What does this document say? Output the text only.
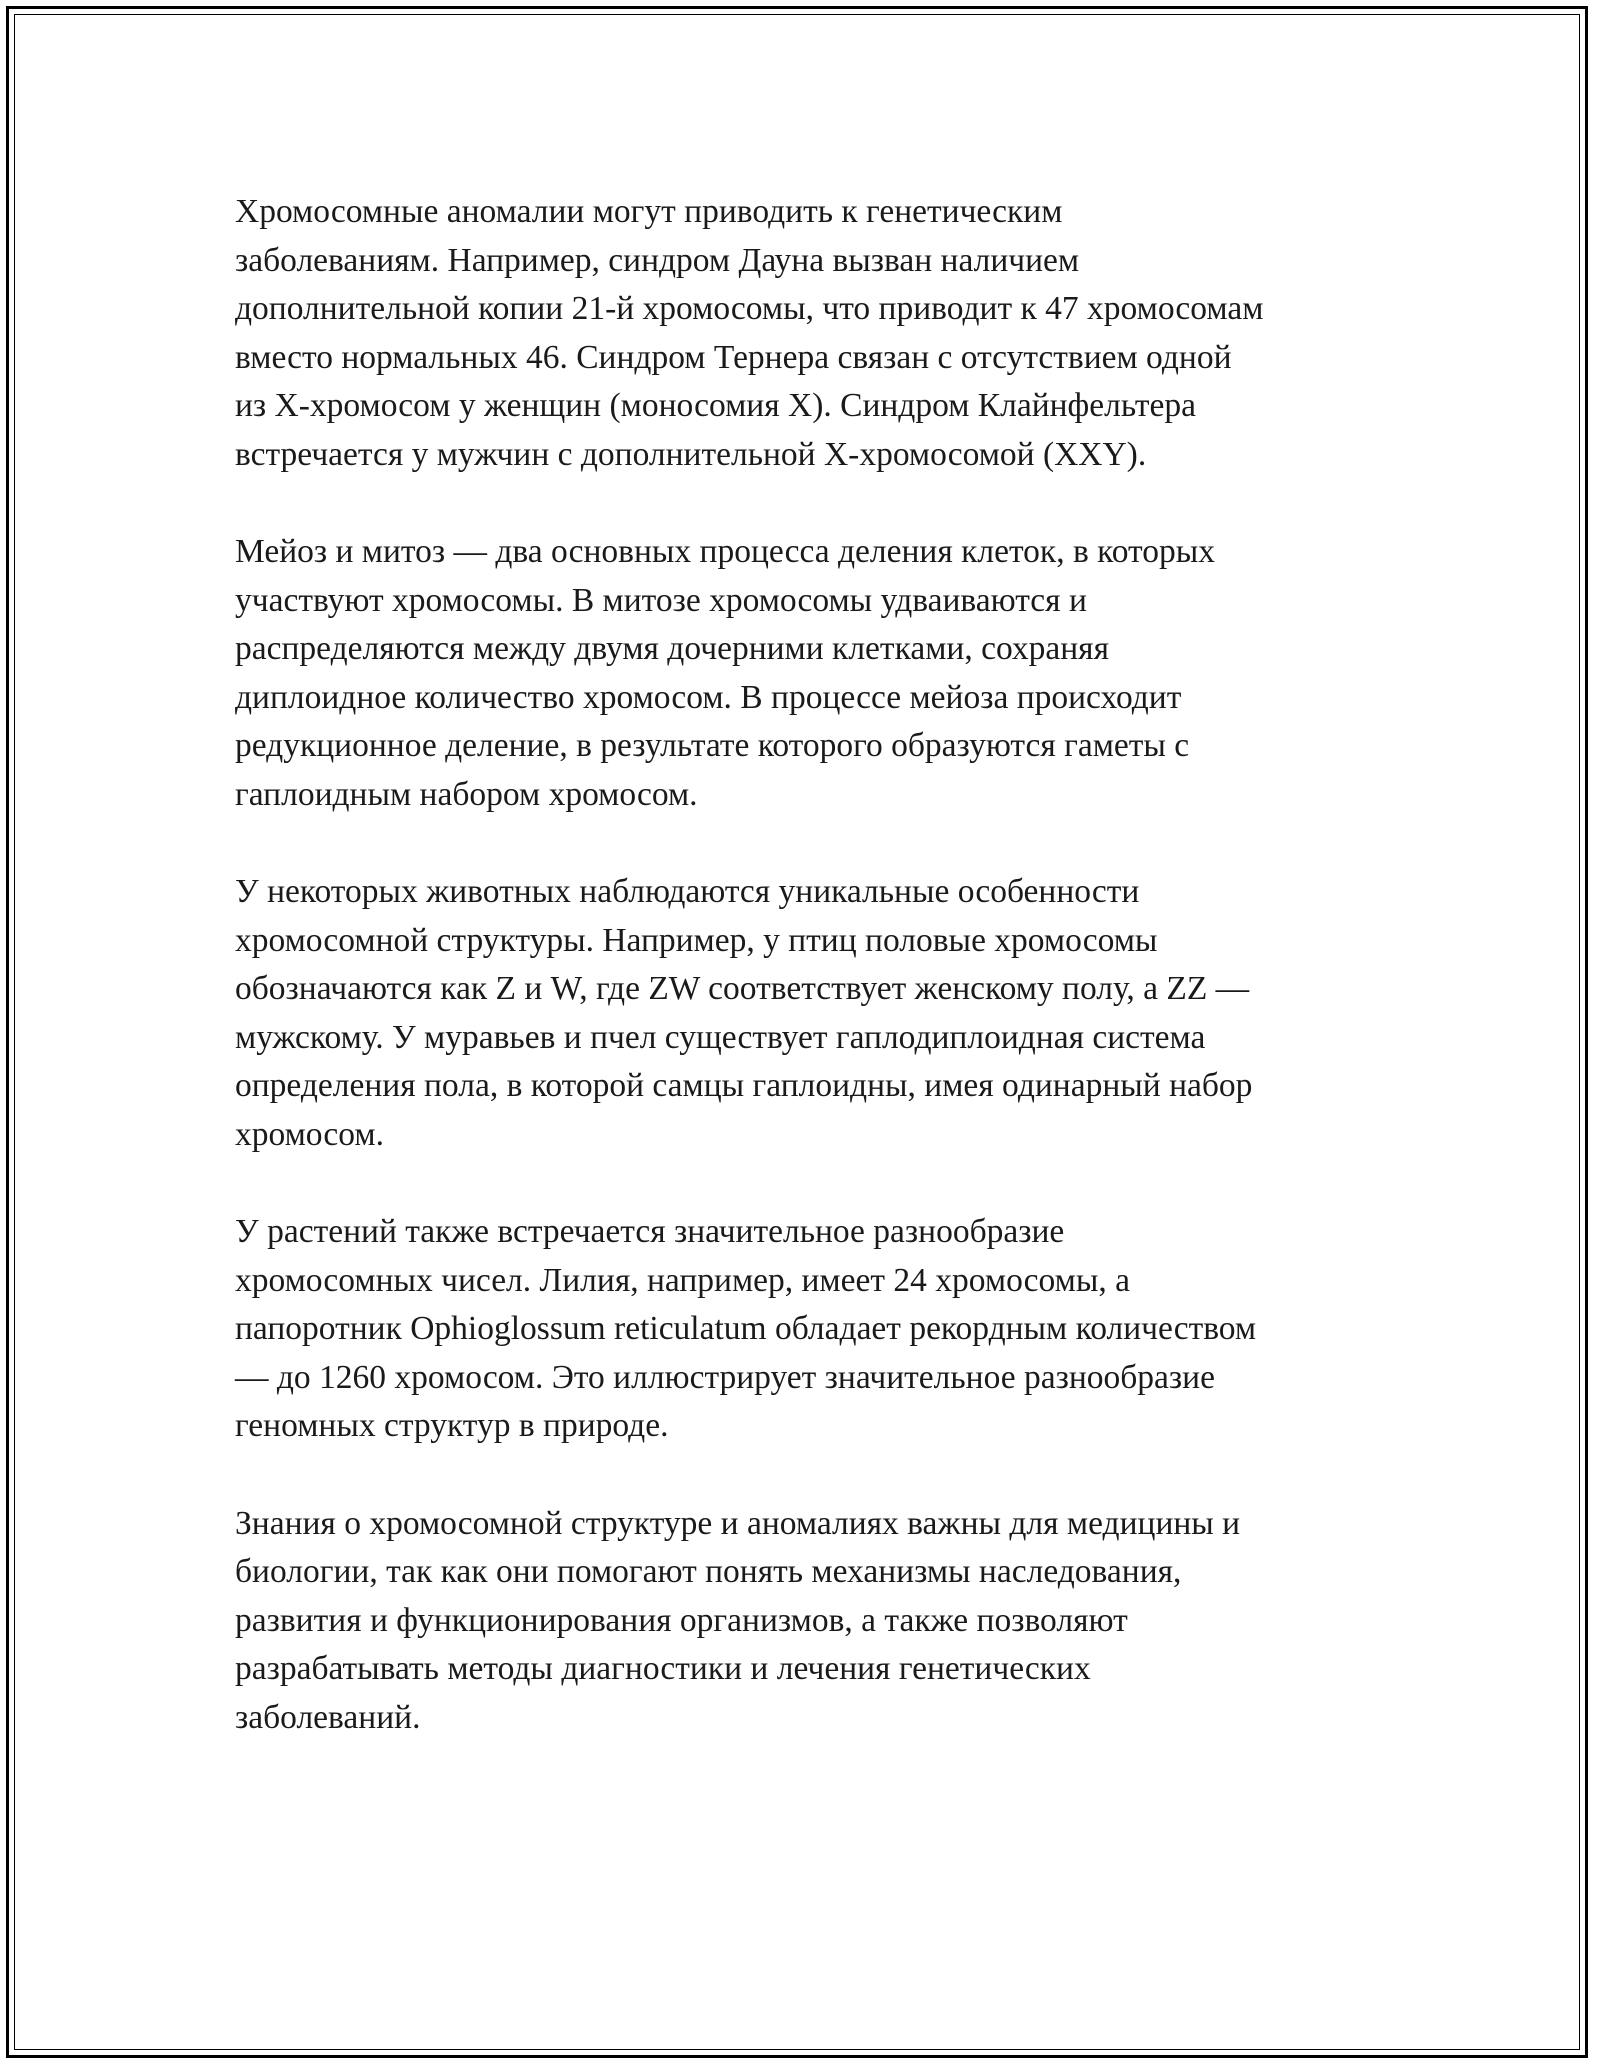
Хромосомные аномалии могут приводить к генетическим
заболеваниям. Например, синдром Дауна вызван наличием
дополнительной копии 21-й хромосомы, что приводит к 47 хромосомам
вместо нормальных 46. Синдром Тернера связан с отсутствием одной
из X-хромосом у женщин (моносомия X). Синдром Клайнфельтера
встречается у мужчин с дополнительной X-хромосомой (XXY).

Мейоз и митоз — два основных процесса деления клеток, в которых
участвуют хромосомы. В митозе хромосомы удваиваются и
распределяются между двумя дочерними клетками, сохраняя
диплоидное количество хромосом. В процессе мейоза происходит
редукционное деление, в результате которого образуются гаметы с
гаплоидным набором хромосом.

У некоторых животных наблюдаются уникальные особенности
хромосомной структуры. Например, у птиц половые хромосомы
обозначаются как Z и W, где ZW соответствует женскому полу, а ZZ —
мужскому. У муравьев и пчел существует гаплодиплоидная система
определения пола, в которой самцы гаплоидны, имея одинарный набор
хромосом.

У растений также встречается значительное разнообразие
хромосомных чисел. Лилия, например, имеет 24 хромосомы, а
папоротник Ophioglossum reticulatum обладает рекордным количеством
— до 1260 хромосом. Это иллюстрирует значительное разнообразие
геномных структур в природе.

Знания о хромосомной структуре и аномалиях важны для медицины и
биологии, так как они помогают понять механизмы наследования,
развития и функционирования организмов, а также позволяют
разрабатывать методы диагностики и лечения генетических
заболеваний.
